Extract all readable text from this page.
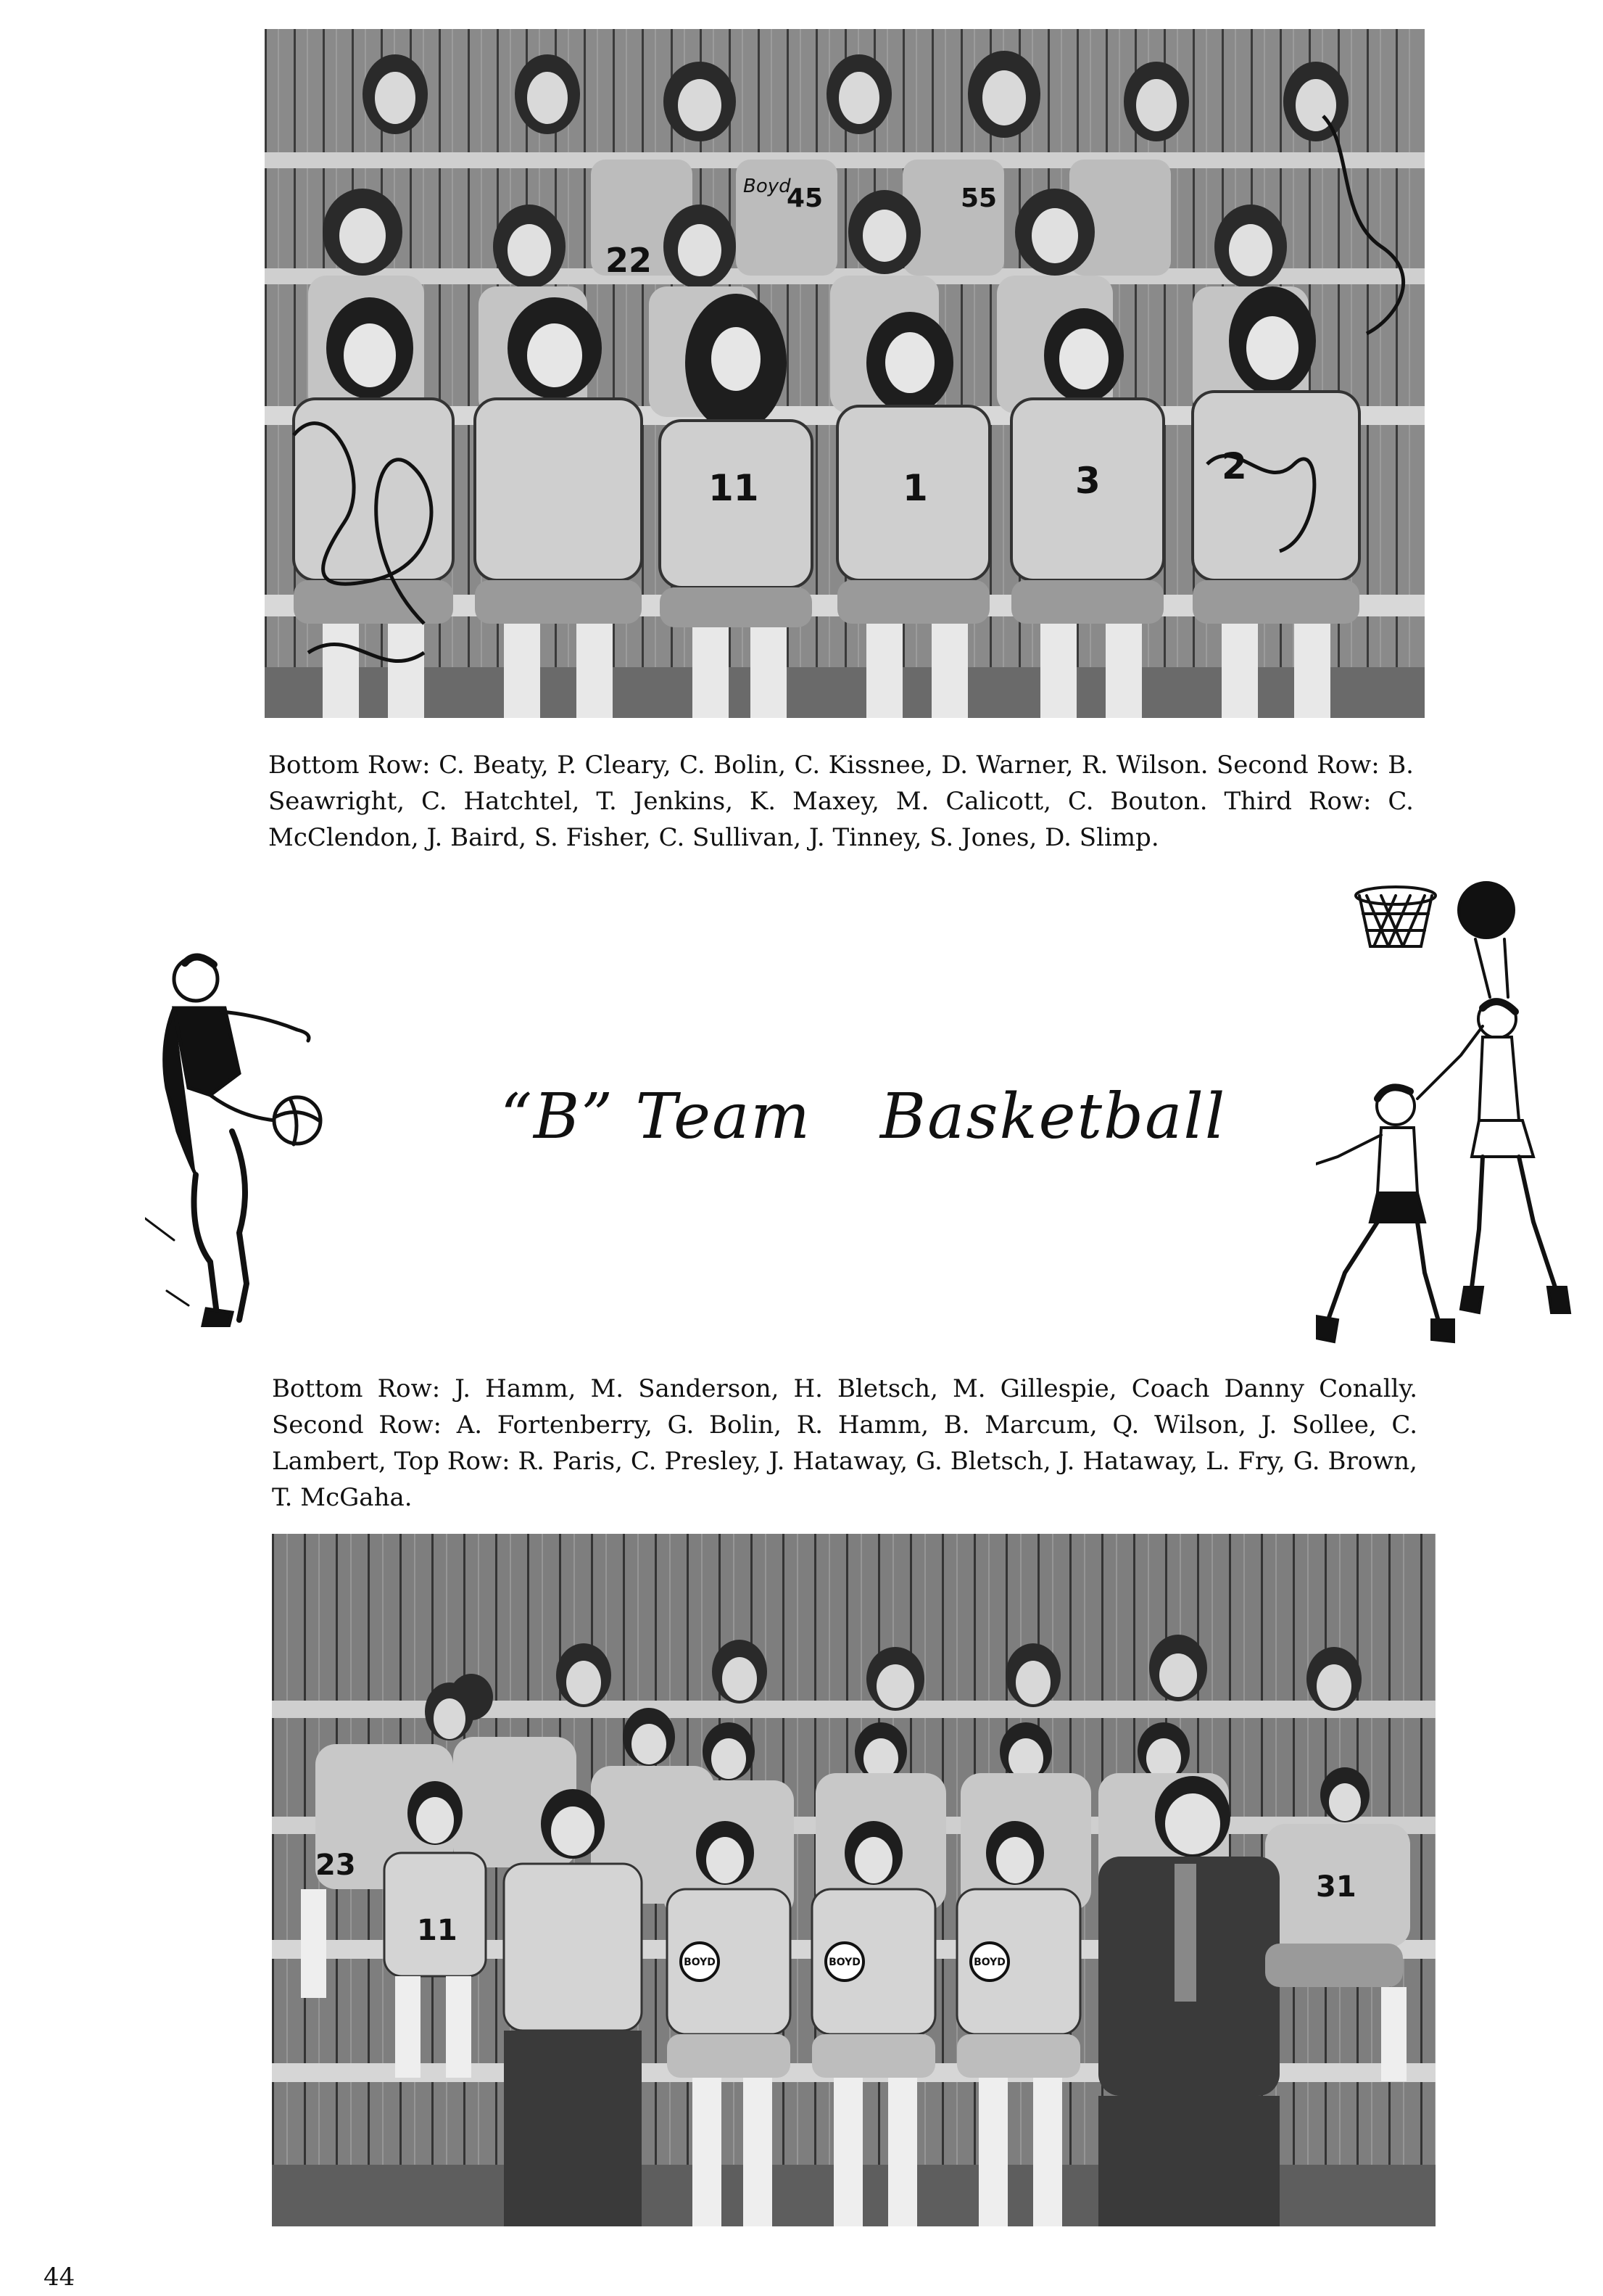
22
45	55
11	1	3	2
Boyd

Bottom Row: C. Beaty, P. Cleary, C. Bolin, C. Kissnee, D. Warner, R. Wilson. Second Row: B. Seawright, C. Hatchtel, T. Jenkins, K. Maxey, M. Calicott, C. Bouton. Third Row: C. McClendon, J. Baird, S. Fisher, C. Sullivan, J. Tinney, S. Jones, D. Slimp.

“B” Team Basketball

Bottom Row: J. Hamm, M. Sanderson, H. Bletsch, M. Gillespie, Coach Danny Conally. Second Row: A. Fortenberry, G. Bolin, R. Hamm, B. Marcum, Q. Wilson, J. Sollee, C. Lambert, Top Row: R. Paris, C. Presley, J. Hataway, G. Bletsch, J. Hataway, L. Fry, G. Brown, T. McGaha.

BOYD	BOYD	BOYD
23
11
31
44
